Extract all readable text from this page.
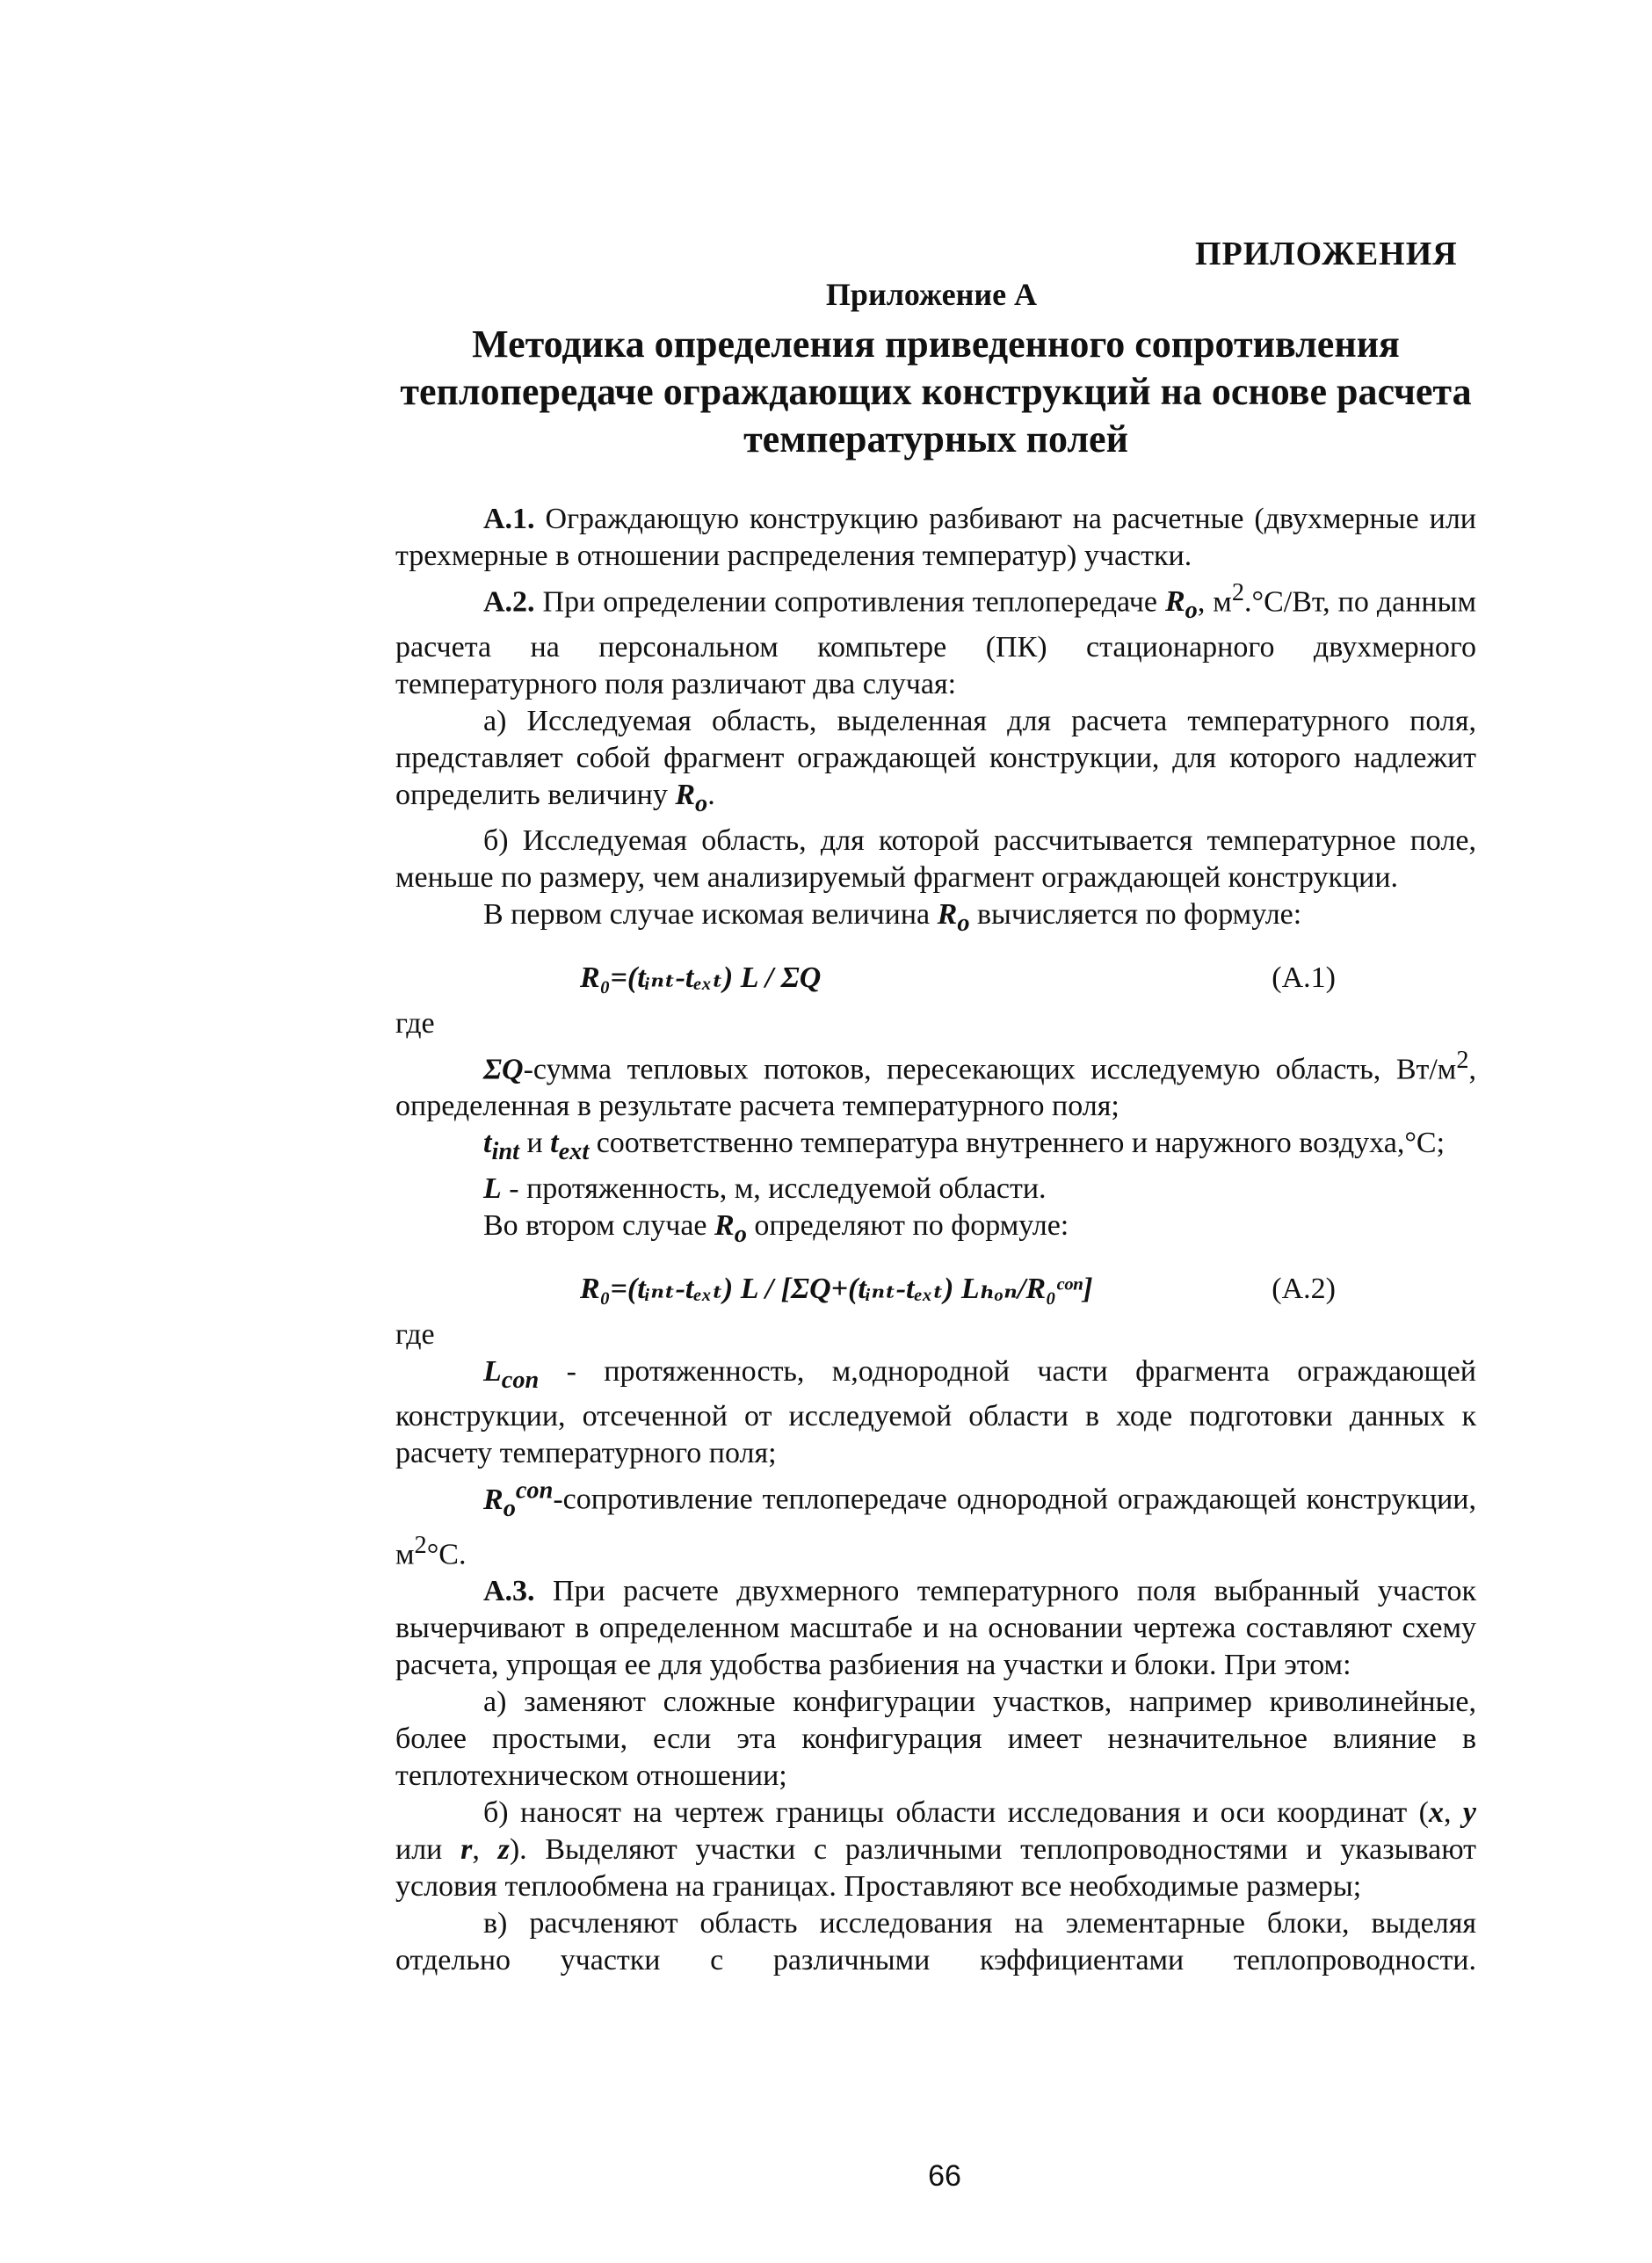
ПРИЛОЖЕНИЯ
Приложение А
Методика определения приведенного сопротивления теплопередаче ограждающих конструкций на основе расчета температурных полей

А.1. Ограждающую конструкцию разбивают на расчетные (двухмерные или трехмерные в отношении распределения температур) участки.

А.2. При определении сопротивления теплопередаче $R_o$, $м^2.^\circ С/Вт$, по данным расчета на персональном компьтере (ПК) стационарного двухмерного температурного поля различают два случая:

а) Исследуемая область, выделенная для расчета температурного поля, представляет собой фрагмент ограждающей конструкции, для которого надлежит определить величину $R_o$.

б) Исследуемая область, для которой рассчитывается температурное поле, меньше по размеру, чем анализируемый фрагмент ограждающей конструкции.

В первом случае искомая величина $R_o$ вычисляется по формуле:

R₀=(tᵢₙₜ-tₑₓₜ) L / ΣQ	(А.1)

где

ΣQ-сумма тепловых потоков, пересекающих исследуемую область, $Вт/м^2$, определенная в результате расчета температурного поля;

$t_{int}$ и $t_{ext}$ соответственно температура внутреннего и наружного воздуха,°С;

L - протяженность, м, исследуемой области.

Во втором случае $R_o$ определяют по формуле:

R₀=(tᵢₙₜ-tₑₓₜ) L / [ΣQ+(tᵢₙₜ-tₑₓₜ) Lₕₒₙ/R₀ᶜᵒⁿ]	(А.2)

где

$L_{con}$ - протяженность, м,однородной части фрагмента ограждающей конструкции, отсеченной от исследуемой области в ходе подготовки данных к расчету температурного поля;

$R_o^{con}$-сопротивление теплопередаче однородной ограждающей конструкции, $м^2^\circ С$.

А.3. При расчете двухмерного температурного поля выбранный участок вычерчивают в определенном масштабе и на основании чертежа составляют схему расчета, упрощая ее для удобства разбиения на участки и блоки. При этом:

а) заменяют сложные конфигурации участков, например криволинейные, более простыми, если эта конфигурация имеет незначительное влияние в теплотехническом отношении;

б) наносят на чертеж границы области исследования и оси координат (x, y или r, z). Выделяют участки с различными теплопроводностями и указывают условия теплообмена на границах. Проставляют все необходимые размеры;

в) расчленяют область исследования на элементарные блоки, выделяя отдельно участки с различными кэффициентами теплопроводности.

66
